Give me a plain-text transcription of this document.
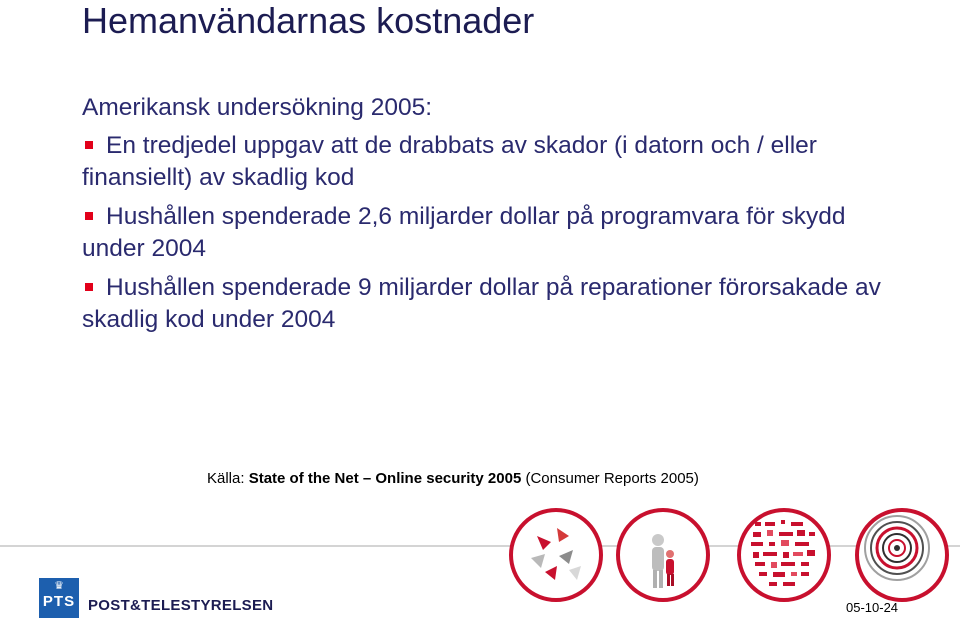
Hemanvändarnas kostnader
Amerikansk undersökning 2005:
En tredjedel uppgav att de drabbats av skador (i datorn och / eller finansiellt) av skadlig kod
Hushållen spenderade 2,6 miljarder dollar på programvara för skydd under 2004
Hushållen spenderade 9 miljarder dollar på reparationer förorsakade av skadlig kod under 2004
Källa: State of the Net – Online security 2005 (Consumer Reports 2005)
♛
PTS POST&TELESTYRELSEN	05-10-24
